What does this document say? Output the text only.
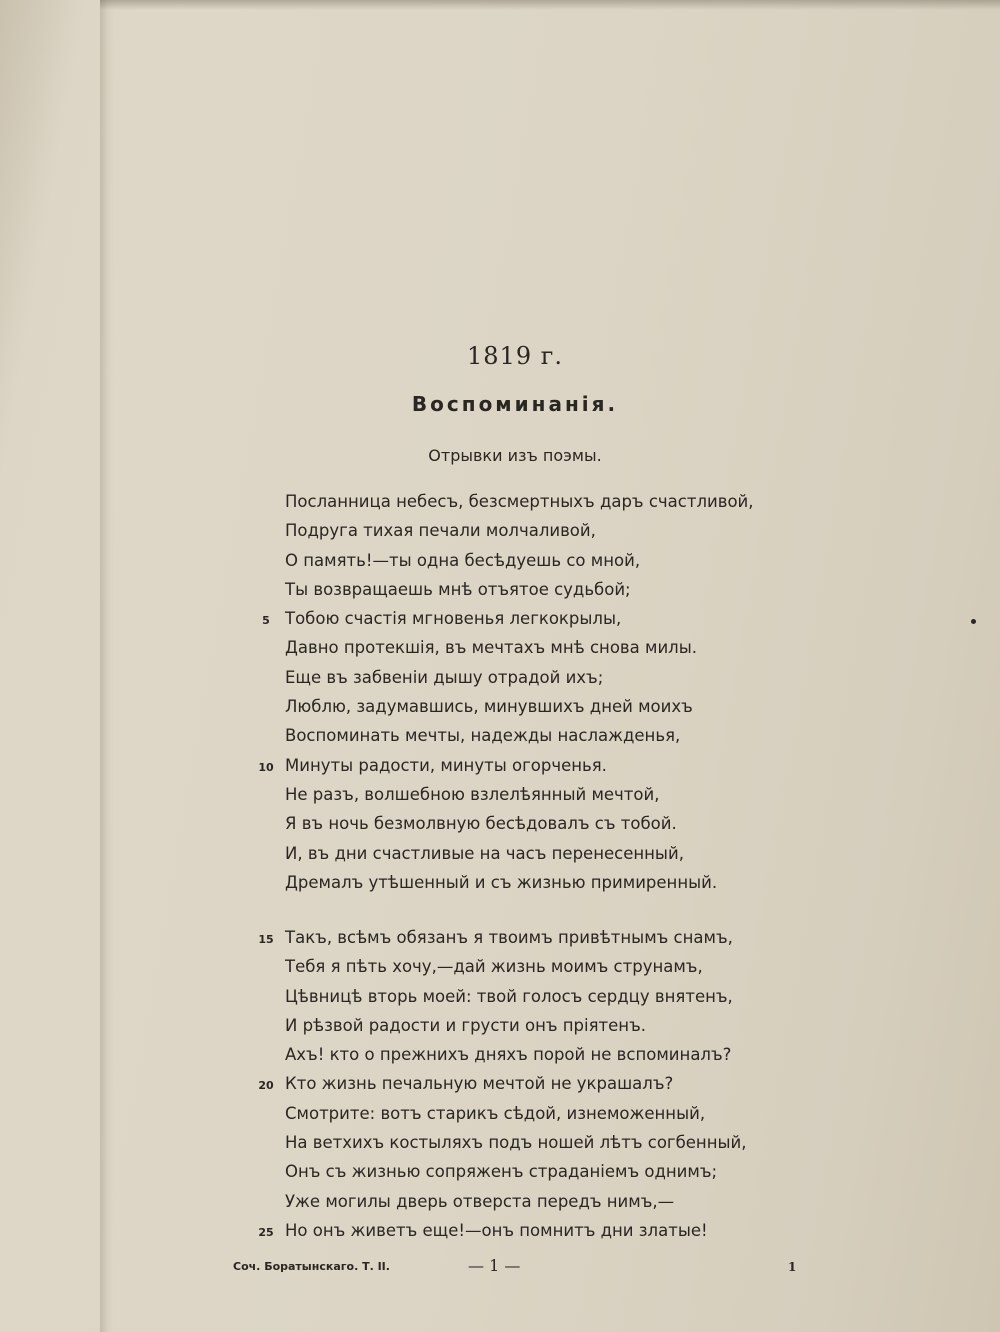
1819 г.
Воспоминанія.
Отрывки изъ поэмы.
Посланница небесъ, безсмертныхъ даръ счастливой,
Подруга тихая печали молчаливой,
О память!—ты одна бесѣдуешь со мной,
Ты возвращаешь мнѣ отъятое судьбой;
5 Тобою счастія мгновенья легкокрылы,
Давно протекшія, въ мечтахъ мнѣ снова милы.
Еще въ забвеніи дышу отрадой ихъ;
Люблю, задумавшись, минувшихъ дней моихъ
Воспоминать мечты, надежды наслажденья,
10 Минуты радости, минуты огорченья.
Не разъ, волшебною взлелѣянный мечтой,
Я въ ночь безмолвную бесѣдовалъ съ тобой.
И, въ дни счастливые на часъ перенесенный,
Дремалъ утѣшенный и съ жизнью примиренный.
15 Такъ, всѣмъ обязанъ я твоимъ привѣтнымъ снамъ,
Тебя я пѣть хочу,—дай жизнь моимъ струнамъ,
Цѣвницѣ вторь моей: твой голосъ сердцу внятенъ,
И рѣзвой радости и грусти онъ пріятенъ.
Ахъ! кто о прежнихъ дняхъ порой не вспоминалъ?
20 Кто жизнь печальную мечтой не украшалъ?
Смотрите: вотъ старикъ сѣдой, изнеможенный,
На ветхихъ костыляхъ подъ ношей лѣтъ согбенный,
Онъ съ жизнью сопряженъ страданіемъ однимъ;
Уже могилы дверь отверста передъ нимъ,—
25 Но онъ живетъ еще!—онъ помнитъ дни златые!
Соч. Боратынскаго. Т. II.	— 1 —	1
